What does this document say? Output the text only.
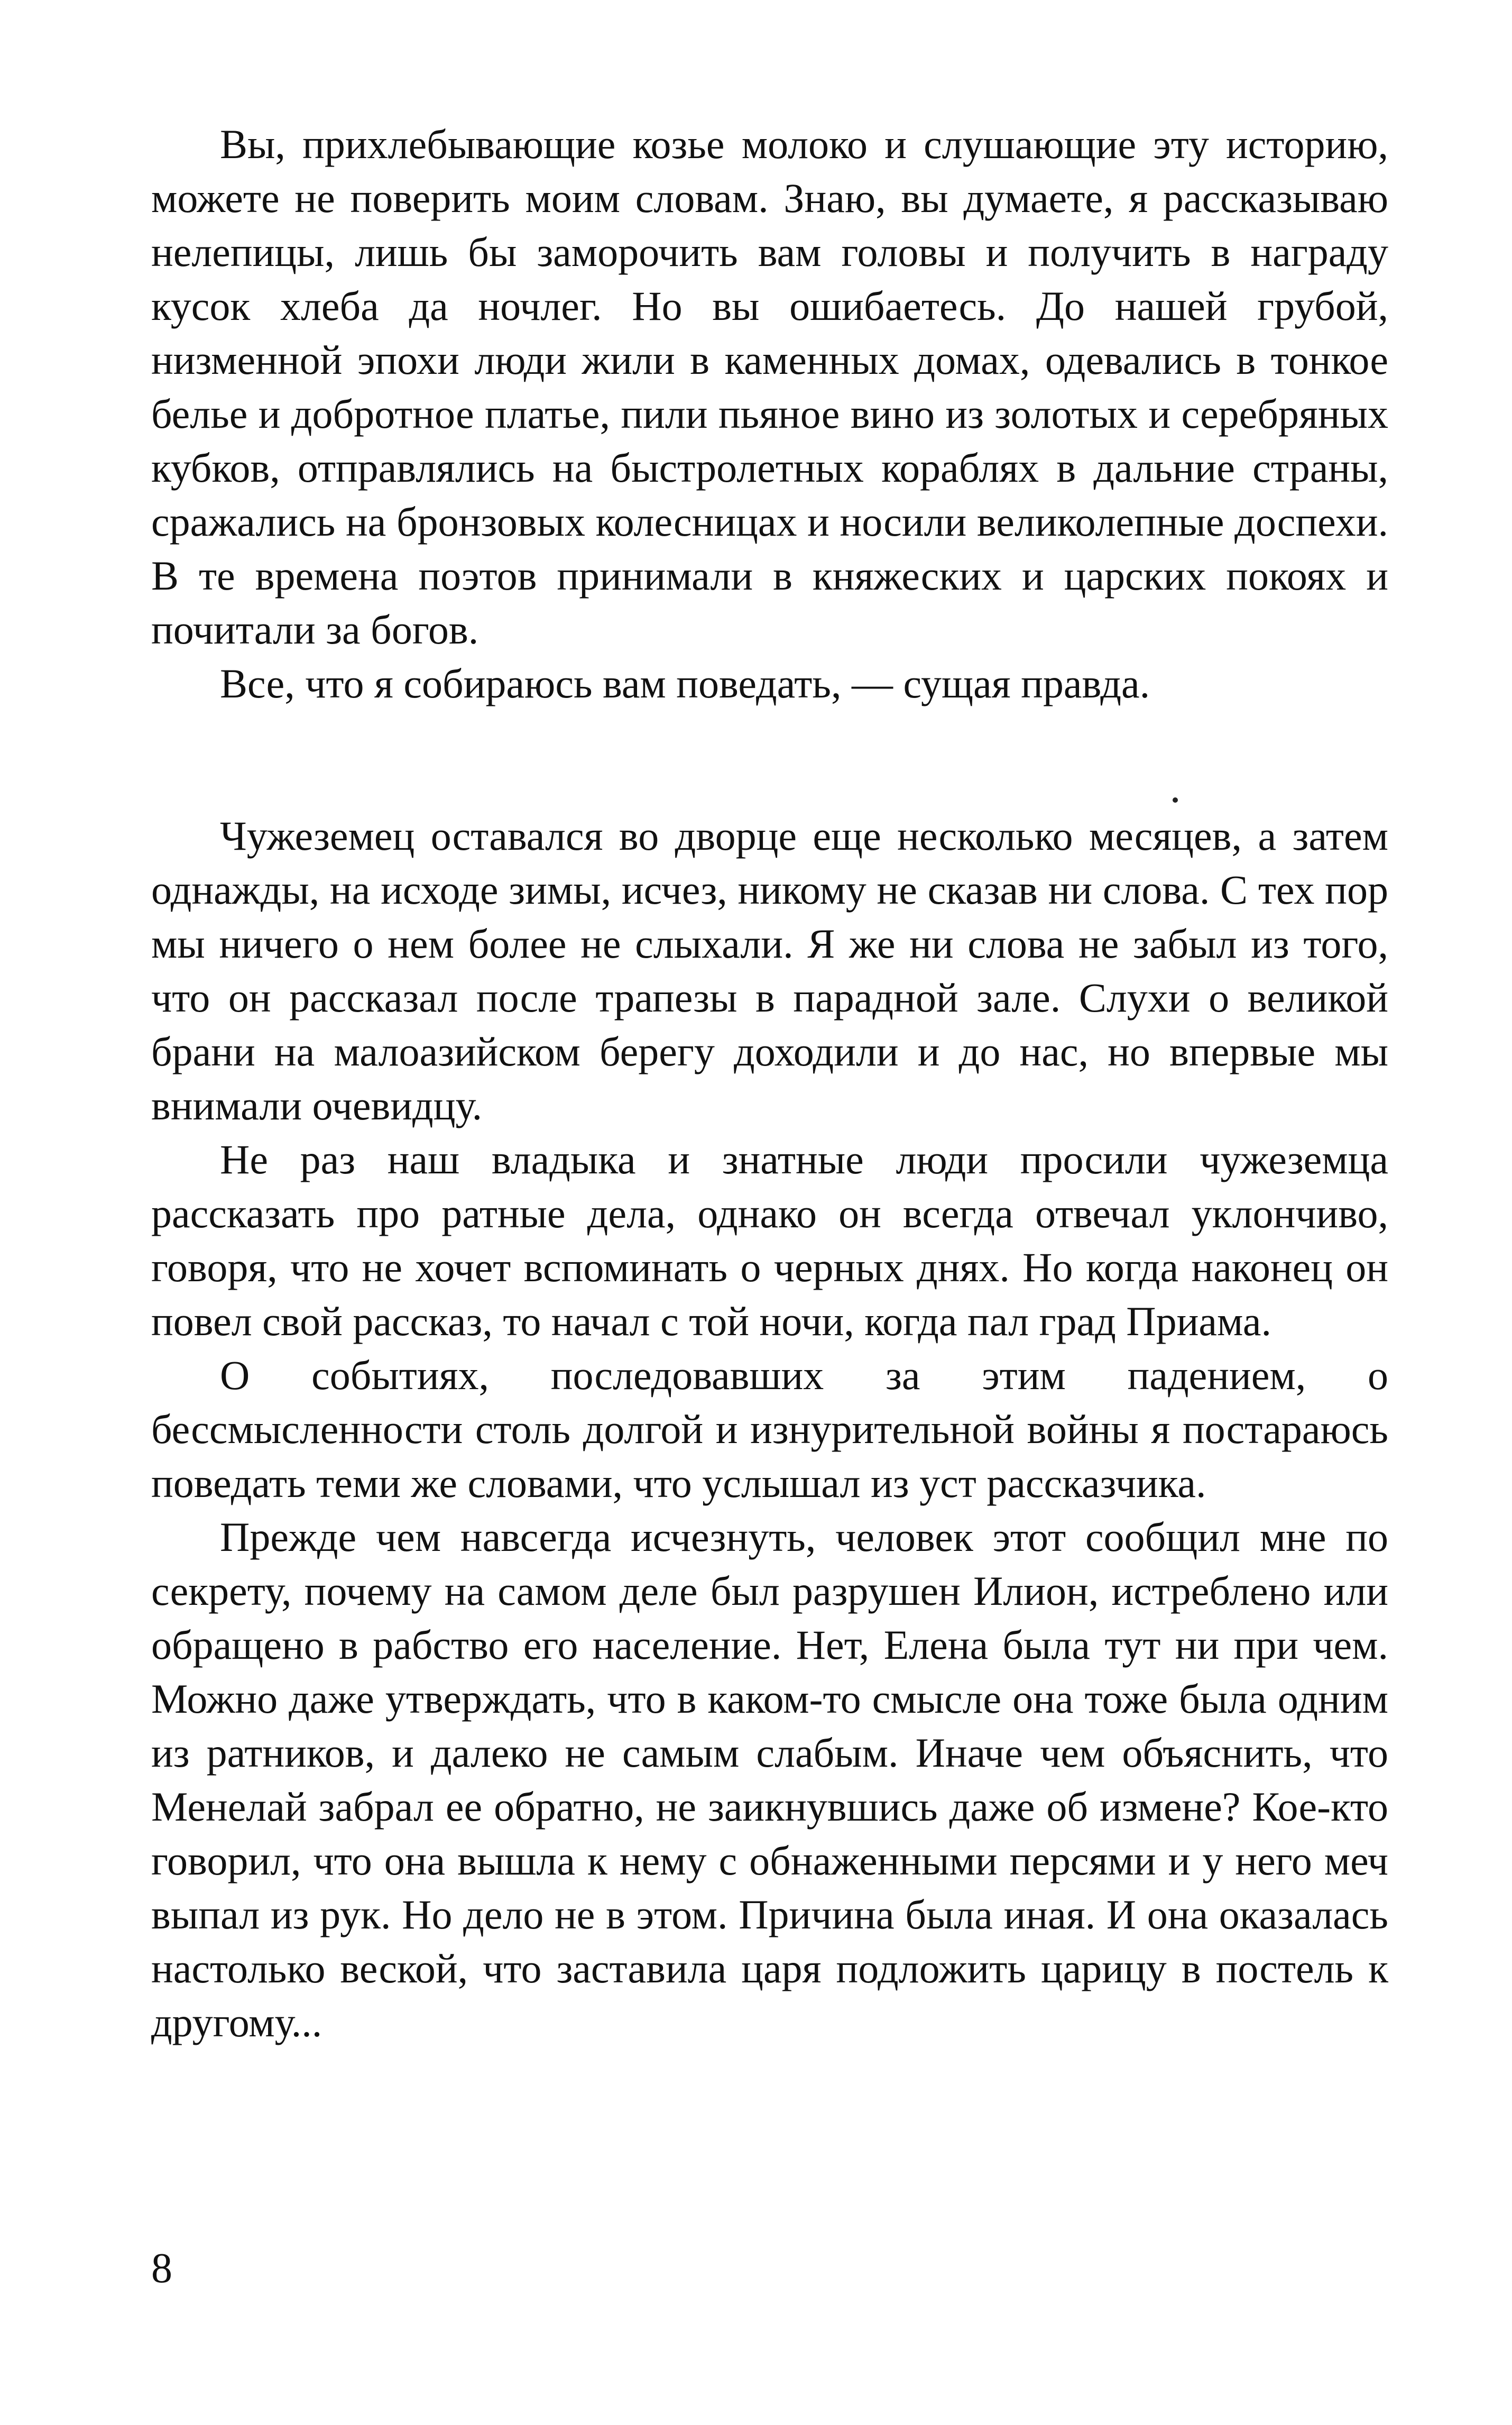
Вы, прихлебывающие козье молоко и слушающие эту историю, можете не поверить моим словам. Знаю, вы думаете, я рассказываю нелепицы, лишь бы заморочить вам головы и получить в награду кусок хлеба да ночлег. Но вы ошибаетесь. До нашей грубой, низменной эпохи люди жили в каменных домах, одевались в тонкое белье и добротное платье, пили пьяное вино из золотых и серебряных кубков, отправлялись на быстролетных кораблях в дальние страны, сражались на бронзовых колесницах и носили великолепные доспехи. В те времена поэтов принимали в княжеских и царских покоях и почитали за богов.

Все, что я собираюсь вам поведать, — сущая правда.

Чужеземец оставался во дворце еще несколько месяцев, а затем однажды, на исходе зимы, исчез, никому не сказав ни слова. С тех пор мы ничего о нем более не слыхали. Я же ни слова не забыл из того, что он рассказал после трапезы в парадной зале. Слухи о великой брани на малоазийском берегу доходили и до нас, но впервые мы внимали очевидцу.

Не раз наш владыка и знатные люди просили чужеземца рассказать про ратные дела, однако он всегда отвечал уклончиво, говоря, что не хочет вспоминать о черных днях. Но когда наконец он повел свой рассказ, то начал с той ночи, когда пал град Приама.

О событиях, последовавших за этим падением, о бессмысленности столь долгой и изнурительной войны я постараюсь поведать теми же словами, что услышал из уст рассказчика.

Прежде чем навсегда исчезнуть, человек этот сообщил мне по секрету, почему на самом деле был разрушен Илион, истреблено или обращено в рабство его население. Нет, Елена была тут ни при чем. Можно даже утверждать, что в каком-то смысле она тоже была одним из ратников, и далеко не самым слабым. Иначе чем объяснить, что Менелай забрал ее обратно, не заикнувшись даже об измене? Кое-кто говорил, что она вышла к нему с обнаженными персями и у него меч выпал из рук. Но дело не в этом. Причина была иная. И она оказалась настолько веской, что заставила царя подложить царицу в постель к другому...

8
